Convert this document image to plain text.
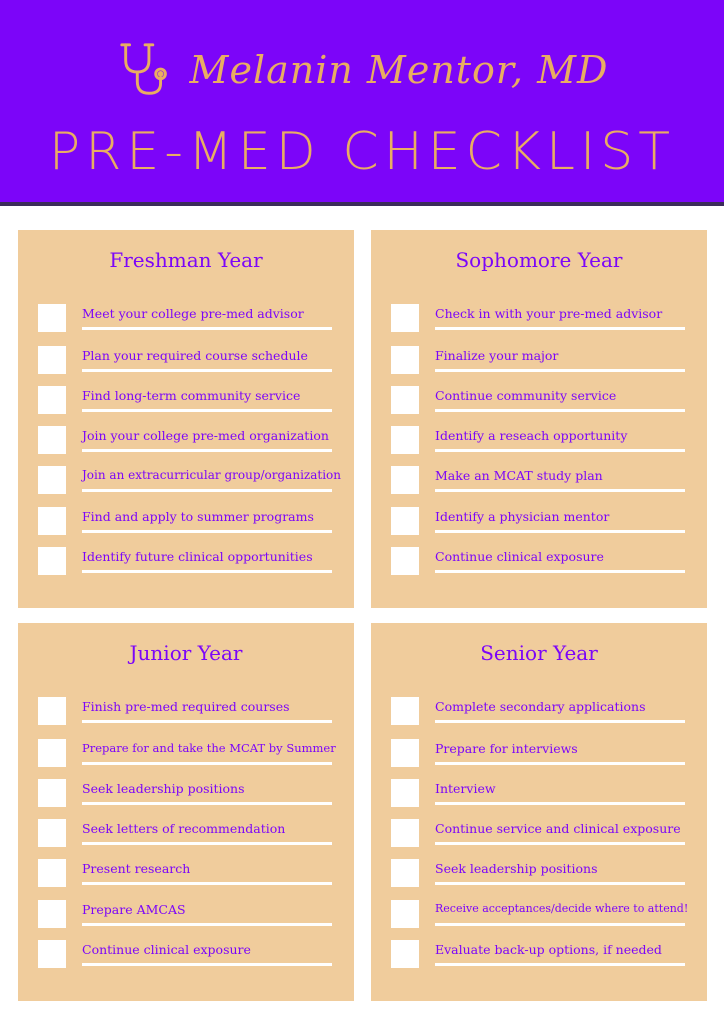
Melanin Mentor, MD
PRE-MED CHECKLIST
Freshman Year
Meet your college pre-med advisor
Plan your required course schedule
Find long-term community service
Join your college pre-med organization
Join an extracurricular group/organization
Find and apply to summer programs
Identify future clinical opportunities
Sophomore Year
Check in with your pre-med advisor
Finalize your major
Continue community service
Identify a reseach opportunity
Make an MCAT study plan
Identify a physician mentor
Continue clinical exposure
Junior Year
Finish pre-med required courses
Prepare for and take the MCAT by Summer
Seek leadership positions
Seek letters of recommendation
Present research
Prepare AMCAS
Continue clinical exposure
Senior Year
Complete secondary applications
Prepare for interviews
Interview
Continue service and clinical exposure
Seek leadership positions
Receive acceptances/decide where to attend!
Evaluate back-up options, if needed
